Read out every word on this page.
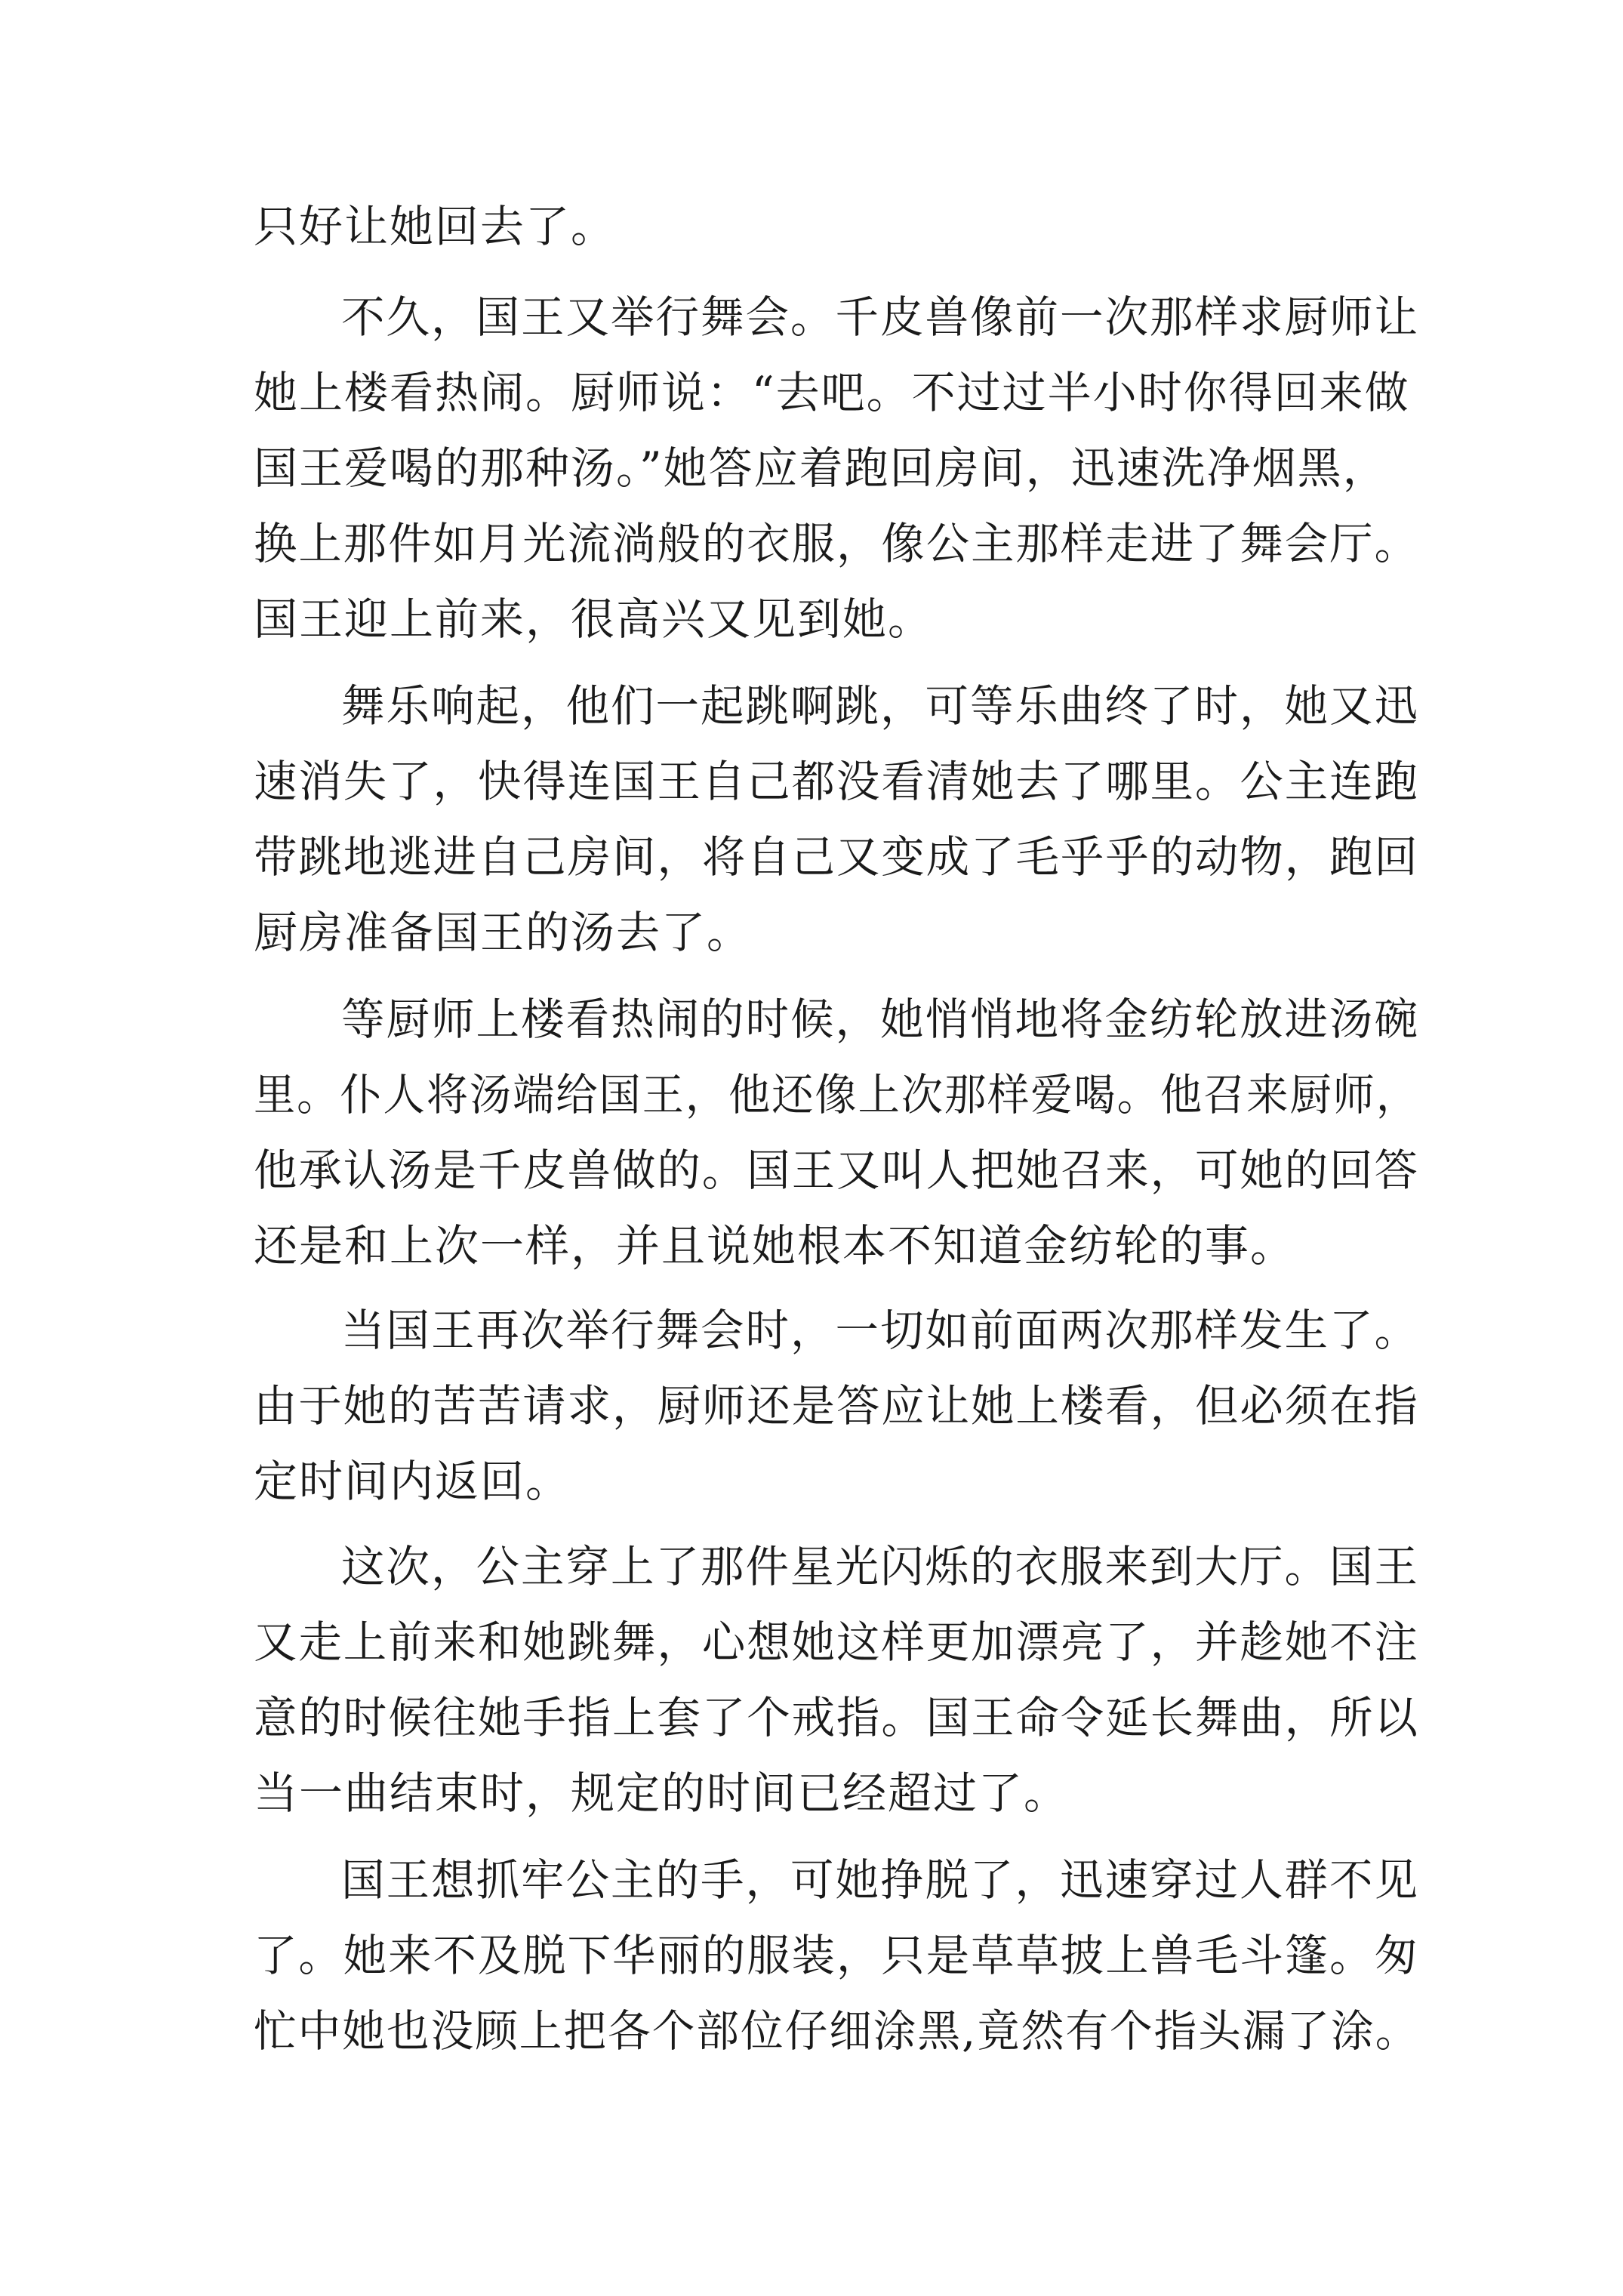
只好让她回去了。
不久，国王又举行舞会。千皮兽像前一次那样求厨师让
她上楼看热闹。厨师说：“去吧。不过过半小时你得回来做
国王爱喝的那种汤。”她答应着跑回房间，迅速洗净烟黑，
换上那件如月光流淌般的衣服，像公主那样走进了舞会厅。
国王迎上前来，很高兴又见到她。
舞乐响起，他们一起跳啊跳，可等乐曲终了时，她又迅
速消失了，快得连国王自己都没看清她去了哪里。公主连跑
带跳地逃进自己房间，将自己又变成了毛乎乎的动物，跑回
厨房准备国王的汤去了。
等厨师上楼看热闹的时候，她悄悄地将金纺轮放进汤碗
里。仆人将汤端给国王，他还像上次那样爱喝。他召来厨师，
他承认汤是千皮兽做的。国王又叫人把她召来，可她的回答
还是和上次一样，并且说她根本不知道金纺轮的事。
当国王再次举行舞会时，一切如前面两次那样发生了。
由于她的苦苦请求，厨师还是答应让她上楼看，但必须在指
定时间内返回。
这次，公主穿上了那件星光闪烁的衣服来到大厅。国王
又走上前来和她跳舞，心想她这样更加漂亮了，并趁她不注
意的时候往她手指上套了个戒指。国王命令延长舞曲，所以
当一曲结束时，规定的时间已经超过了。
国王想抓牢公主的手，可她挣脱了，迅速穿过人群不见
了。她来不及脱下华丽的服装，只是草草披上兽毛斗篷。匆
忙中她也没顾上把各个部位仔细涂黑,竟然有个指头漏了涂。
